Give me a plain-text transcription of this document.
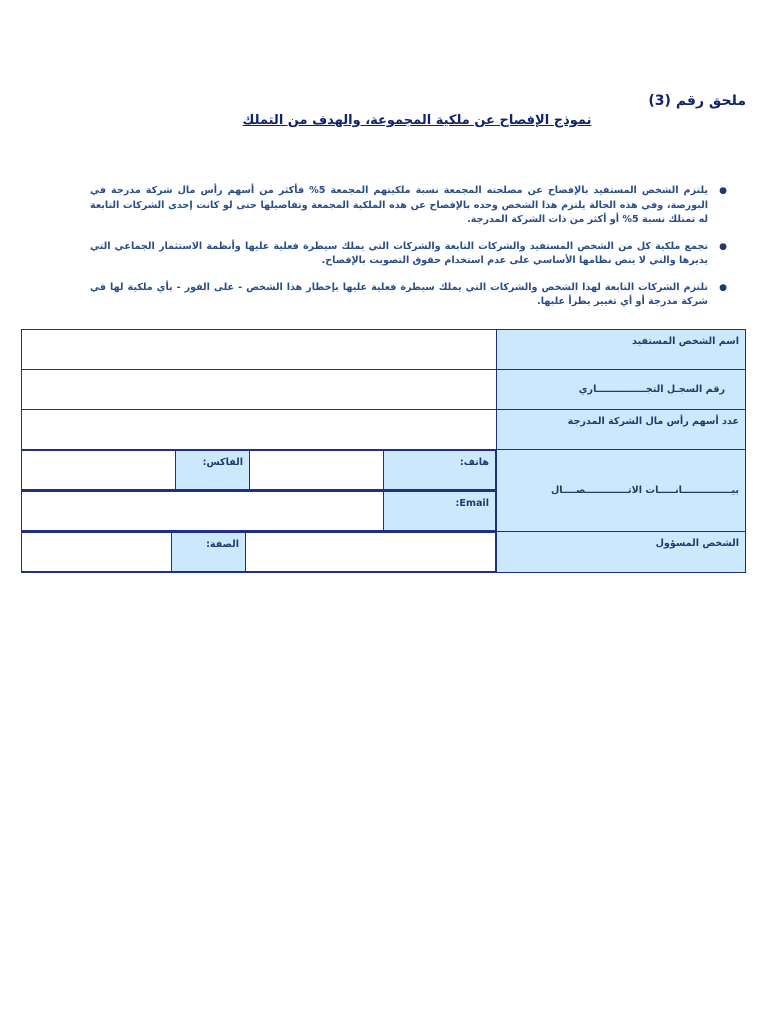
ملحق رقم (3)
نموذج الإفصاح عن ملكية المجموعة، والهدف من التملك
●
يلتزم الشخص المستفيد بالإفصاح عن مصلحته المجمعة نسبة ملكيتهم المجمعة 5% فأكثر من أسهم رأس مال شركة مدرجة في البورصة، وفي هذه الحالة يلتزم هذا الشخص وحده بالإفصاح عن هذه الملكية المجمعة وتفاصيلها حتى لو كانت إحدى الشركات التابعة له تمتلك نسبة 5% أو أكثر من ذات الشركة المدرجة.
●
تجمع ملكية كل من الشخص المستفيد والشركات التابعة والشركات التي يملك سيطرة فعلية عليها وأنظمة الاستثمار الجماعي التي يديرها والتي لا ينص نظامها الأساسي على عدم استخدام حقوق التصويت بالإفصاح.
●
تلتزم الشركات التابعة لهذا الشخص والشركات التي يملك سيطرة فعلية عليها بإخطار هذا الشخص - على الفور - بأي ملكية لها في شركة مدرجة أو أي تغيير يطرأ عليها.
اسم الشخص المستفيد	
رقم السجـل التجـــــــــــــــاري	
عدد أسهم رأس مال الشركة المدرجة	
بيـــــــــــــــانـــــات الاتـــــــــــــصــــال	
هاتف:		الفاكس:	

Email:	

الشخص المسؤول	
	الصفة:	
